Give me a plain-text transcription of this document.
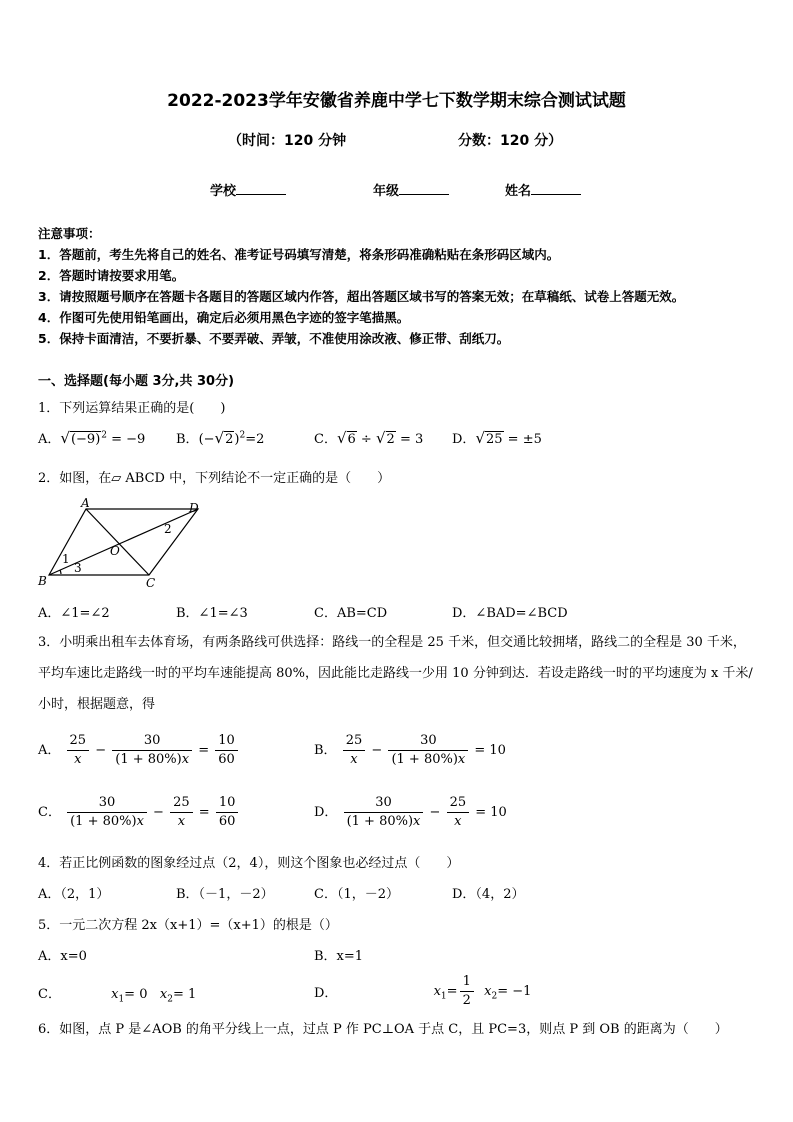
2022-2023学年安徽省养鹿中学七下数学期末综合测试试题
（时间：120 分钟	分数：120 分）
学校	年级	姓名
注意事项：
1．答题前，考生先将自己的姓名、准考证号码填写清楚，将条形码准确粘贴在条形码区域内。
2．答题时请按要求用笔。
3．请按照题号顺序在答题卡各题目的答题区域内作答，超出答题区域书写的答案无效；在草稿纸、试卷上答题无效。
4．作图可先使用铅笔画出，确定后必须用黑色字迹的签字笔描黑。
5．保持卡面清洁，不要折暴、不要弄破、弄皱，不准使用涂改液、修正带、刮纸刀。
一、选择题(每小题 3分,共 30分)
1．下列运算结果正确的是(　　)
A．$√(-9)^2 = -9$ B．$(-√2)^2=2$	C．√6 ÷ √2 = 3 D．√25 = ±5
2．如图，在▱ ABCD 中，下列结论不一定正确的是（　　）
A	D
B	C
O
1
2
3
A．∠1=∠2	B．∠1=∠3	C．AB=CD	D．∠BAD=∠BCD
3．小明乘出租车去体育场，有两条路线可供选择：路线一的全程是 25 千米，但交通比较拥堵，路线二的全程是 30 千米，平均车速比走路线一时的平均车速能提高 80%，因此能比走路线一少用 10 分钟到达．若设走路线一时的平均速度为 x 千米/小时，根据题意，得
A． $\frac{25}{x} - \frac{30}{(1 + 80\%)x} = \frac{10}{60}$	B． $\frac{25}{x} - \frac{30}{(1 + 80\%)x} = 10$
C． $\frac{30}{(1 + 80\%)x} - \frac{25}{x} = \frac{10}{60}$	D． $\frac{30}{(1 + 80\%)x} - \frac{25}{x} = 10$
4．若正比例函数的图象经过点（2，4），则这个图象也必经过点（　　）
A．（2，1）	B．（－1，－2）	C．（1，－2）	D．（4，2）
5．一元二次方程 2x（x+1）=（x+1）的根是（）
A．x=0	B．x=1
C．	$x_1= 0$ $x_2= 1$	D．	$x_1= \frac{1}{2} x_2= -1$
6．如图，点 P 是∠AOB 的角平分线上一点，过点 P 作 PC⊥OA 于点 C，且 PC=3，则点 P 到 OB 的距离为（　　）
